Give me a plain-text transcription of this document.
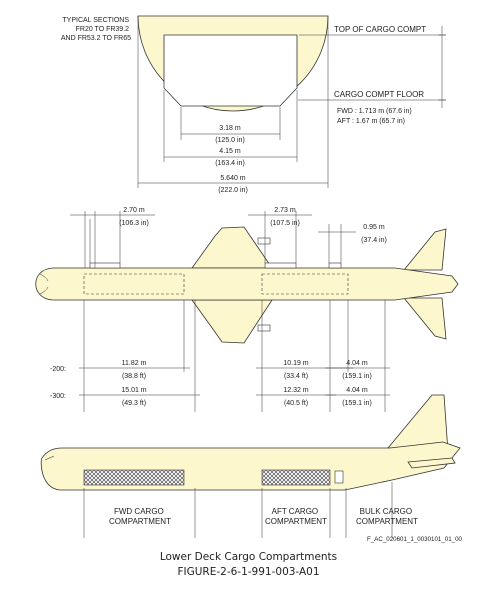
TYPICAL SECTIONS FR20 TO FR39.2 AND FR53.2 TO FR65
TOP OF CARGO COMPT
CARGO COMPT FLOOR
FWD : 1.713 m (67.6 in)
AFT : 1.67 m (65.7 in)
3.18 m
(125.0 in)
4.15 m
(163.4 in)
5.640 m
(222.0 in)
2.70 m
(106.3 in)
2.73 m
(107.5 in)
0.95 m
(37.4 in)
-200:
-300:
11.82 m
(38.8 ft)
15.01 m
(49.3 ft)
10.19 m
(33.4 ft)
12.32 m
(40.5 ft)
4.04 m
(159.1 in)
4.04 m
(159.1 in)
FWD CARGO COMPARTMENT
AFT CARGO COMPARTMENT
BULK CARGO COMPARTMENT
F_AC_020601_1_0030101_01_00
Lower Deck Cargo Compartments
FIGURE-2-6-1-991-003-A01
